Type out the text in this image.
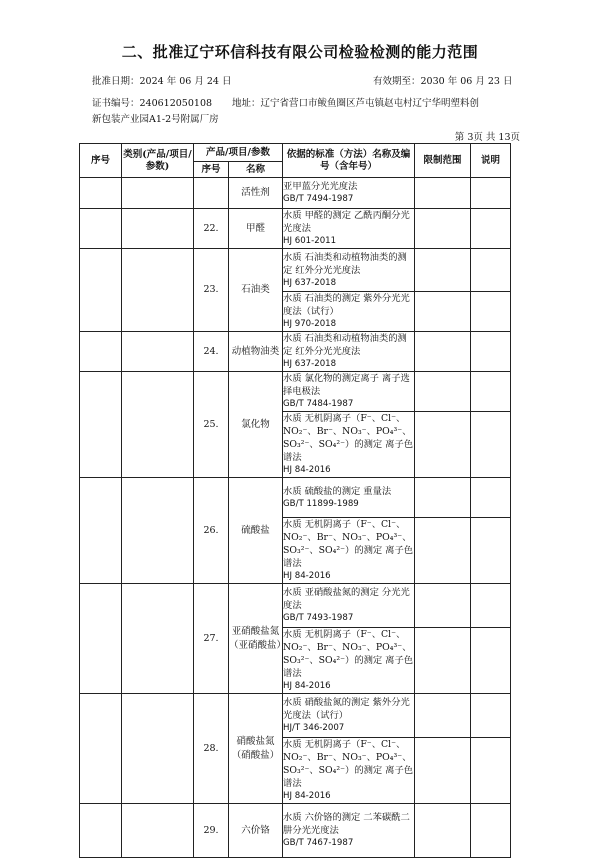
二、批准辽宁环信科技有限公司检验检测的能力范围
批准日期：2024 年 06 月 24 日	有效期至：2030 年 06 月 23 日
证书编号：240612050108 地址：辽宁省营口市鲅鱼圈区芦屯镇赵屯村辽宁华明塑料创
新包装产业园A1-2号附属厂房
第 3页 共 13页
序号	类别(产品/项目/参数)	产品/项目/参数		依据的标准（方法）名称及编号（含年号）	限制范围	说明
		序号	名称			
			活性剂	亚甲蓝分光光度法
GB/T 7494-1987		

		22.	甲醛	水质 甲醛的测定 乙酰丙酮分光光度法
HJ 601-2011		

		23.	石油类	水质 石油类和动植物油类的测定 红外分光光度法
HJ 637-2018		

				水质 石油类的测定 紫外分光光度法（试行）
HJ 970-2018		

		24.	动植物油类	水质 石油类和动植物油类的测定 红外分光光度法
HJ 637-2018		

		25.	氯化物	水质 氯化物的测定离子 离子选择电极法
GB/T 7484-1987		

				水质 无机阴离子（F⁻、Cl⁻、NO₂⁻、Br⁻、NO₃⁻、PO₄³⁻、SO₃²⁻、SO₄²⁻）的测定 离子色谱法
HJ 84-2016		

		26.	硫酸盐	水质 硫酸盐的测定 重量法
GB/T 11899-1989		

				水质 无机阴离子（F⁻、Cl⁻、NO₂⁻、Br⁻、NO₃⁻、PO₄³⁻、SO₃²⁻、SO₄²⁻）的测定 离子色谱法
HJ 84-2016		

		27.	亚硝酸盐氮（亚硝酸盐）	水质 亚硝酸盐氮的测定 分光光度法
GB/T 7493-1987		

				水质 无机阴离子（F⁻、Cl⁻、NO₂⁻、Br⁻、NO₃⁻、PO₄³⁻、SO₃²⁻、SO₄²⁻）的测定 离子色谱法
HJ 84-2016		

		28.	硝酸盐氮（硝酸盐）	水质 硝酸盐氮的测定 紫外分光光度法（试行）
HJ/T 346-2007		

				水质 无机阴离子（F⁻、Cl⁻、NO₂⁻、Br⁻、NO₃⁻、PO₄³⁻、SO₃²⁻、SO₄²⁻）的测定 离子色谱法
HJ 84-2016		

		29.	六价铬	水质 六价铬的测定 二苯碳酰二肼分光光度法
GB/T 7467-1987		
